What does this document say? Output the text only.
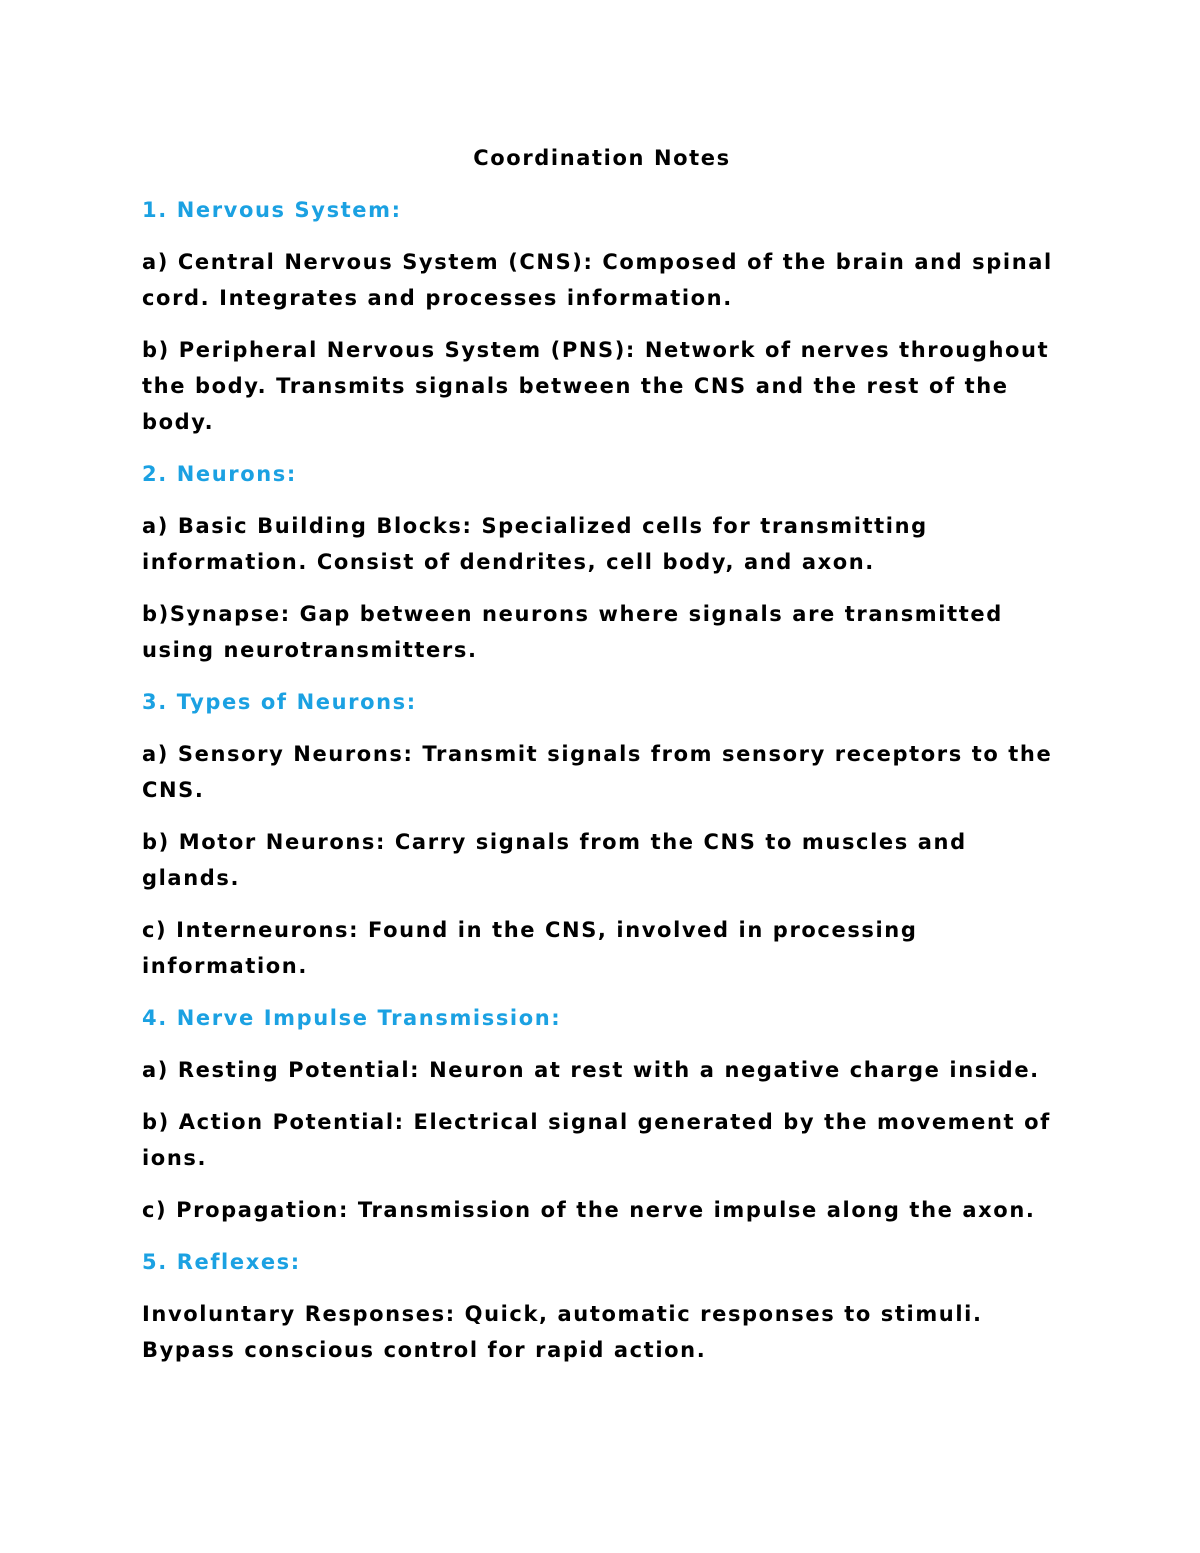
Coordination Notes
1. Nervous System:
a) Central Nervous System (CNS): Composed of the brain and spinal cord. Integrates and processes information.
b) Peripheral Nervous System (PNS): Network of nerves throughout the body. Transmits signals between the CNS and the rest of the body.
2. Neurons:
a) Basic Building Blocks: Specialized cells for transmitting information. Consist of dendrites, cell body, and axon.
b)Synapse: Gap between neurons where signals are transmitted using neurotransmitters.
3. Types of Neurons:
a) Sensory Neurons: Transmit signals from sensory receptors to the CNS.
b) Motor Neurons: Carry signals from the CNS to muscles and glands.
c) Interneurons: Found in the CNS, involved in processing information.
4. Nerve Impulse Transmission:
a) Resting Potential: Neuron at rest with a negative charge inside.
b) Action Potential: Electrical signal generated by the movement of ions.
c) Propagation: Transmission of the nerve impulse along the axon.
5. Reflexes:
Involuntary Responses: Quick, automatic responses to stimuli. Bypass conscious control for rapid action.
